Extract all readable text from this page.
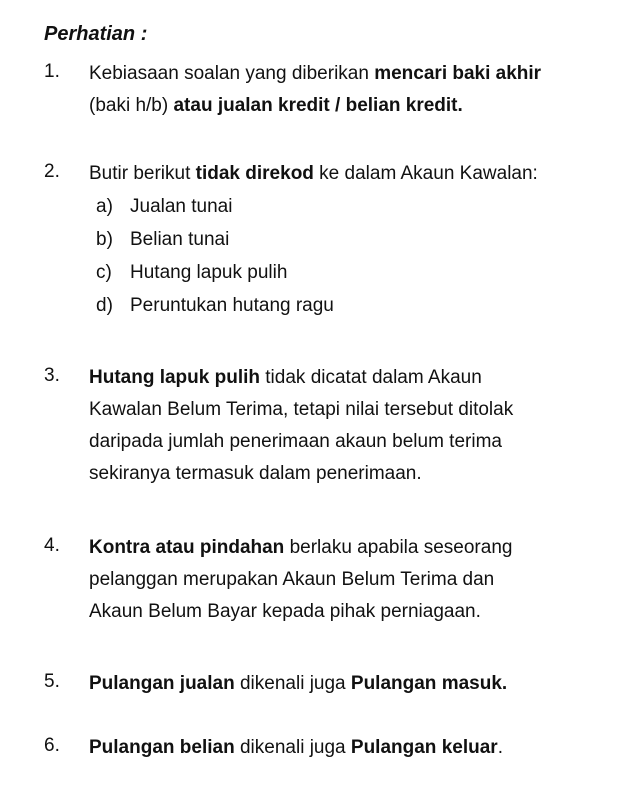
Perhatian :
1. Kebiasaan soalan yang diberikan mencari baki akhir
(baki h/b) atau jualan kredit / belian kredit.
2. Butir berikut tidak direkod ke dalam Akaun Kawalan:
a) Jualan tunai
b) Belian tunai
c) Hutang lapuk pulih
d) Peruntukan hutang ragu
3. Hutang lapuk pulih tidak dicatat dalam Akaun
Kawalan Belum Terima, tetapi nilai tersebut ditolak
daripada jumlah penerimaan akaun belum terima
sekiranya termasuk dalam penerimaan.
4. Kontra atau pindahan berlaku apabila seseorang
pelanggan merupakan Akaun Belum Terima dan
Akaun Belum Bayar kepada pihak perniagaan.
5. Pulangan jualan dikenali juga Pulangan masuk.
6. Pulangan belian dikenali juga Pulangan keluar.
